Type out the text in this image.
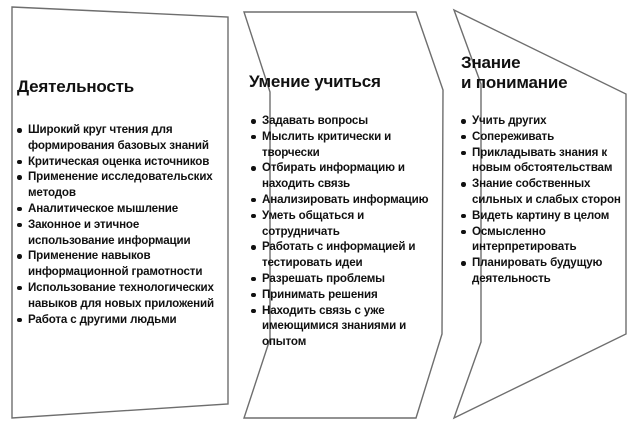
Деятельность
Широкий круг чтения для формирования базовых знаний
Критическая оценка источников
Применение исследовательских методов
Аналитическое мышление
Законное и этичное использование информации
Применение навыков информационной грамотности
Использование технологических навыков для новых приложений
Работа с другими людьми
Умение учиться
Задавать вопросы
Мыслить критически и творчески
Отбирать информацию и находить связь
Анализировать информацию
Уметь общаться и сотрудничать
Работать с информацией и тестировать идеи
Разрешать проблемы
Принимать решения
Находить связь с уже имеющимися знаниями и опытом
Знание
и понимание
Учить других
Сопереживать
Прикладывать знания к новым обстоятельствам
Знание собственных сильных и слабых сторон
Видеть картину в целом
Осмысленно интерпретировать
Планировать будущую деятельность
